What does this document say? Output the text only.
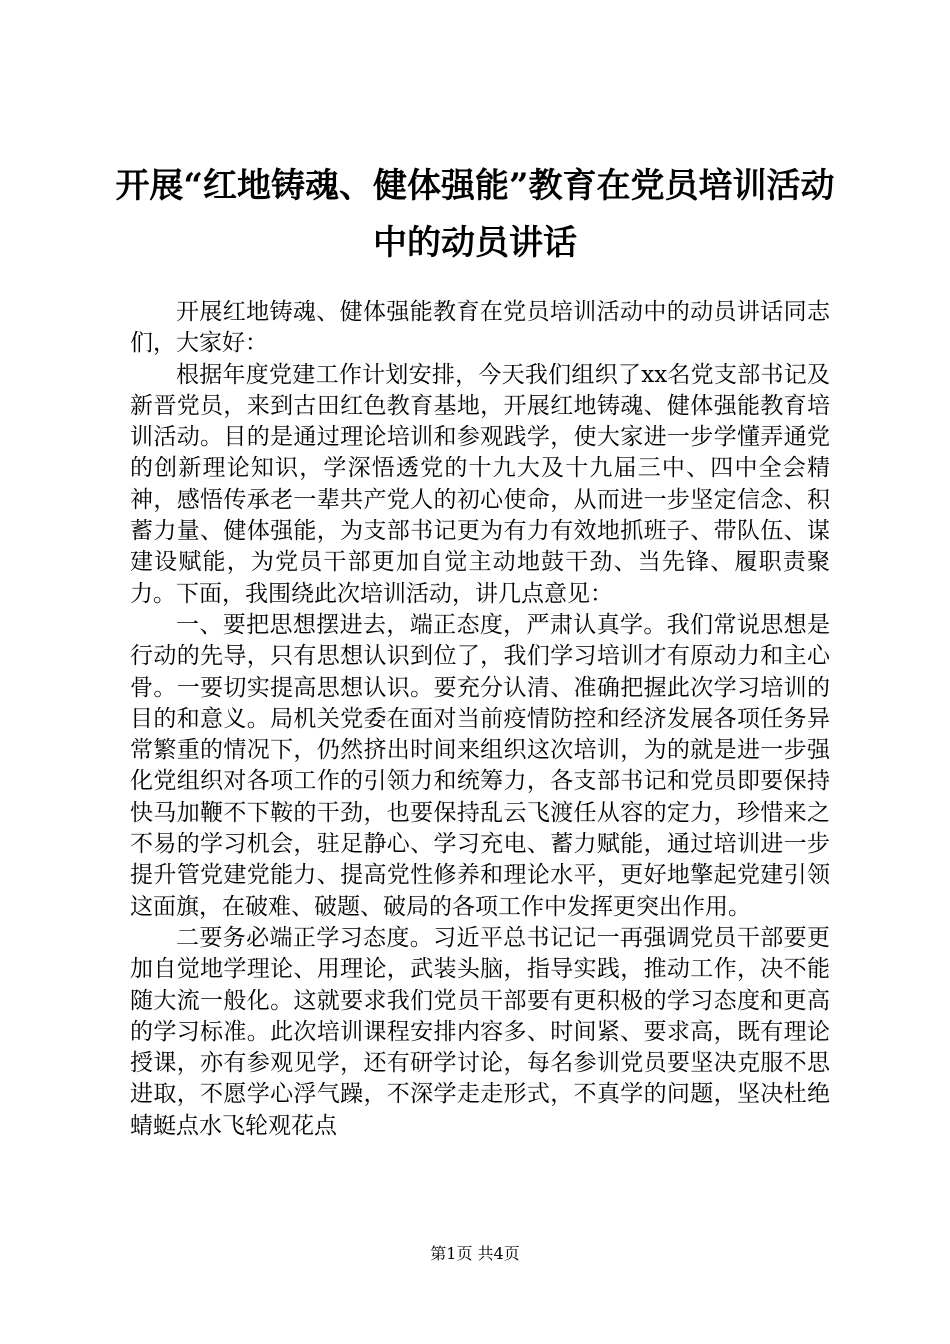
开展“红地铸魂、健体强能”教育在党员培训活动中的动员讲话

开展红地铸魂、健体强能教育在党员培训活动中的动员讲话同志们，大家好：

根据年度党建工作计划安排，今天我们组织了xx名党支部书记及新晋党员，来到古田红色教育基地，开展红地铸魂、健体强能教育培训活动。目的是通过理论培训和参观践学，使大家进一步学懂弄通党的创新理论知识，学深悟透党的十九大及十九届三中、四中全会精神，感悟传承老一辈共产党人的初心使命，从而进一步坚定信念、积蓄力量、健体强能，为支部书记更为有力有效地抓班子、带队伍、谋建设赋能，为党员干部更加自觉主动地鼓干劲、当先锋、履职责聚力。下面，我围绕此次培训活动，讲几点意见：

一、要把思想摆进去，端正态度，严肃认真学。我们常说思想是行动的先导，只有思想认识到位了，我们学习培训才有原动力和主心骨。一要切实提高思想认识。要充分认清、准确把握此次学习培训的目的和意义。局机关党委在面对当前疫情防控和经济发展各项任务异常繁重的情况下，仍然挤出时间来组织这次培训，为的就是进一步强化党组织对各项工作的引领力和统筹力，各支部书记和党员即要保持快马加鞭不下鞍的干劲，也要保持乱云飞渡任从容的定力，珍惜来之不易的学习机会，驻足静心、学习充电、蓄力赋能，通过培训进一步提升管党建党能力、提高党性修养和理论水平，更好地擎起党建引领这面旗，在破难、破题、破局的各项工作中发挥更突出作用。

二要务必端正学习态度。习近平总书记记一再强调党员干部要更加自觉地学理论、用理论，武装头脑，指导实践，推动工作，决不能随大流一般化。这就要求我们党员干部要有更积极的学习态度和更高的学习标准。此次培训课程安排内容多、时间紧、要求高，既有理论授课，亦有参观见学，还有研学讨论，每名参训党员要坚决克服不思进取，不愿学心浮气躁，不深学走走形式，不真学的问题，坚决杜绝蜻蜓点水飞轮观花点

第1页 共4页
